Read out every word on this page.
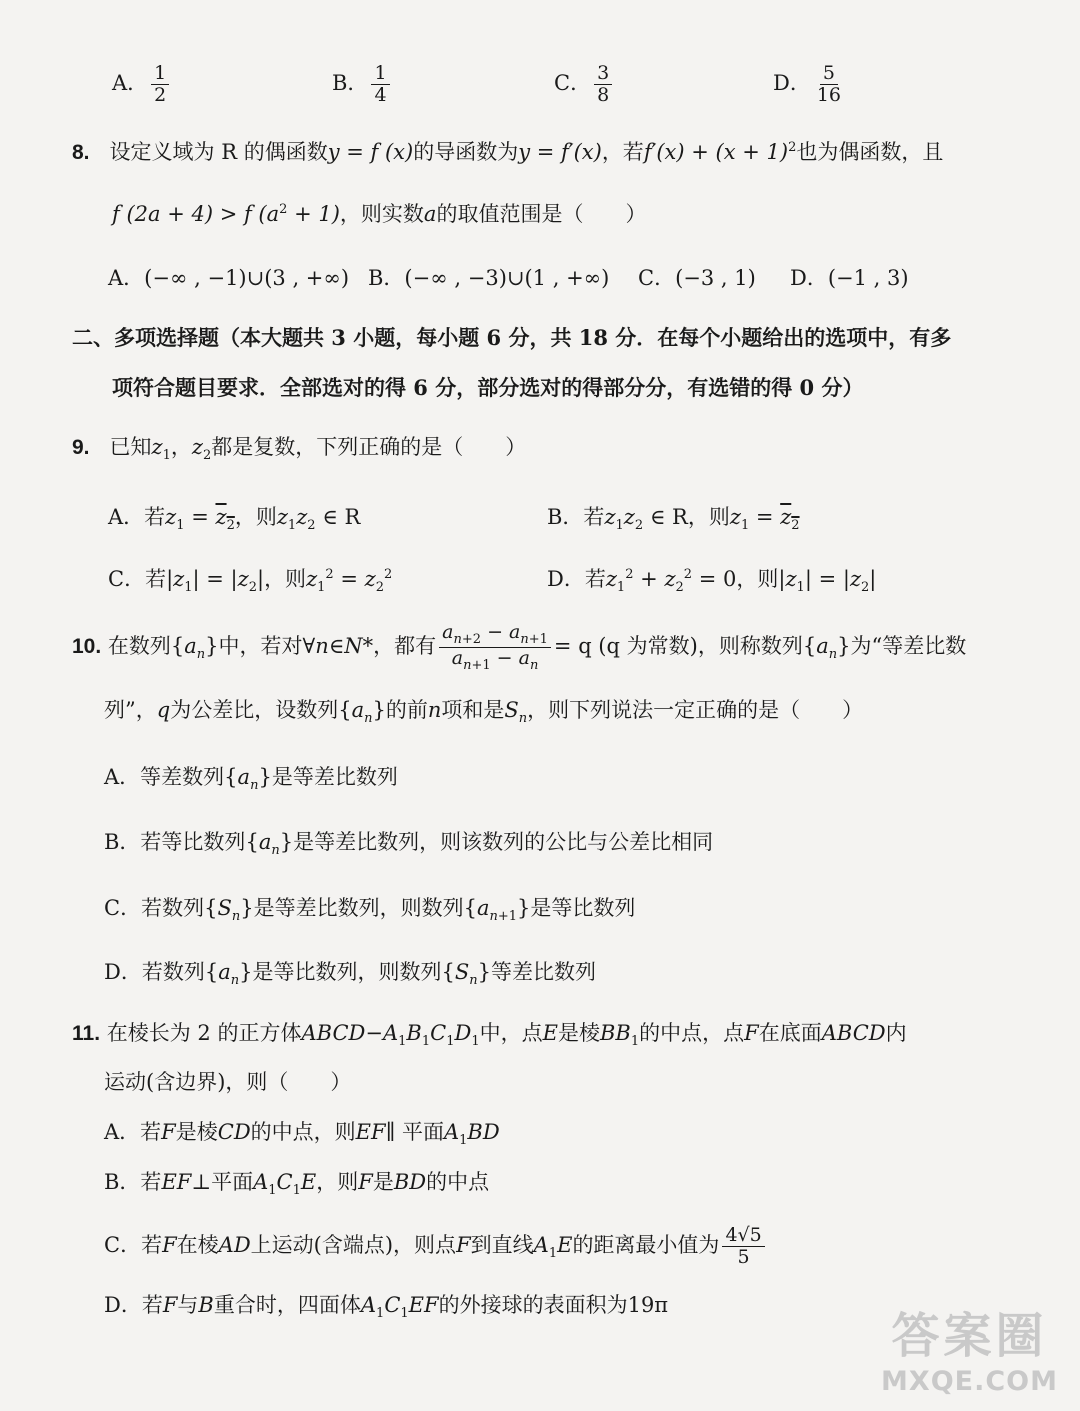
A． $\frac{1}{2}$	B． $\frac{1}{4}$	C． $\frac{3}{8}$	D． $\frac{5}{16}$
8. 设定义域为 R 的偶函数y = f (x)的导函数为y = f′(x)，若$f'(x) + (x + 1)^2$也为偶函数，且
f (2a + 4) > f $(a^2 + 1)$，则实数a的取值范围是（　　）
A．(−∞ , −1)∪(3 , +∞) B．(−∞ , −3)∪(1 , +∞) C．(−3 , 1) D．(−1 , 3)
二、多项选择题（本大题共 3 小题，每小题 6 分，共 18 分．在每个小题给出的选项中，有多
项符合题目要求．全部选对的得 6 分，部分选对的得部分分，有选错的得 0 分）
9. 已知$z_1$，$z_2$都是复数，下列正确的是（　　）
A．若$z_1 = z_2$，则$z_1z_2$ ∈ R	B．若$z_1z_2$ ∈ R，则$z_1 = z_2$
C．若$|z_1| = |z_2|$，则$z_1^2 = z_2^2$	D．若$z_1^2 + z_2^2 = 0$，则$|z_1| = |z_2|$
10. 在数列$\{a_n\}$中，若对∀n∈N*，都有 $\frac{a_{n+2} - a_{n+1}}{a_{n+1} - a_n} = q$ (q 为常数)，则称数列$\{a_n\}$为“等差比数
列”，q为公差比，设数列$\{a_n\}$的前n项和是$S_n$，则下列说法一定正确的是（　　）
A．等差数列$\{a_n\}$是等差比数列
B．若等比数列$\{a_n\}$是等差比数列，则该数列的公比与公差比相同
C．若数列$\{S_n\}$是等差比数列，则数列$\{a_{n+1}\}$是等比数列
D．若数列$\{a_n\}$是等比数列，则数列$\{S_n\}$等差比数列
11. 在棱长为 2 的正方体$ABCD-A_1B_1C_1D_1$中，点E是棱$BB_1$的中点，点F在底面ABCD内
运动(含边界)，则（　　）
A．若F是棱CD的中点，则EF∥ 平面$A_1BD$
B．若EF⊥平面$A_1C_1E$，则F是BD的中点
C．若F在棱AD上运动(含端点)，则点F到直线$A_1E$的距离最小值为 $\frac{4√5}{5}$
D．若F与B重合时，四面体$A_1C_1EF$的外接球的表面积为19π
答案圈
MXQE.COM
